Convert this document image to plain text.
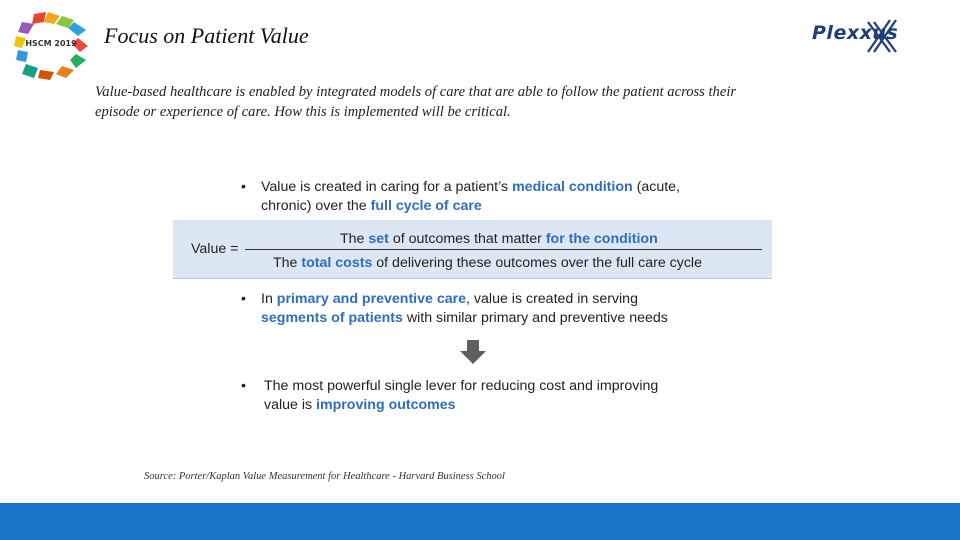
HSCM 2019 Focus on Patient Value	Plexxus
Value-based healthcare is enabled by integrated models of care that are able to follow the patient across their
episode or experience of care. How this is implemented will be critical.
• Value is created in caring for a patient’s medical condition (acute,
chronic) over the full cycle of care
Value =
The set of outcomes that matter for the condition
The total costs of delivering these outcomes over the full care cycle
• In primary and preventive care, value is created in serving
segments of patients with similar primary and preventive needs
• The most powerful single lever for reducing cost and improving
value is improving outcomes
Source: Porter/Kaplan Value Measurement for Healthcare - Harvard Business School
